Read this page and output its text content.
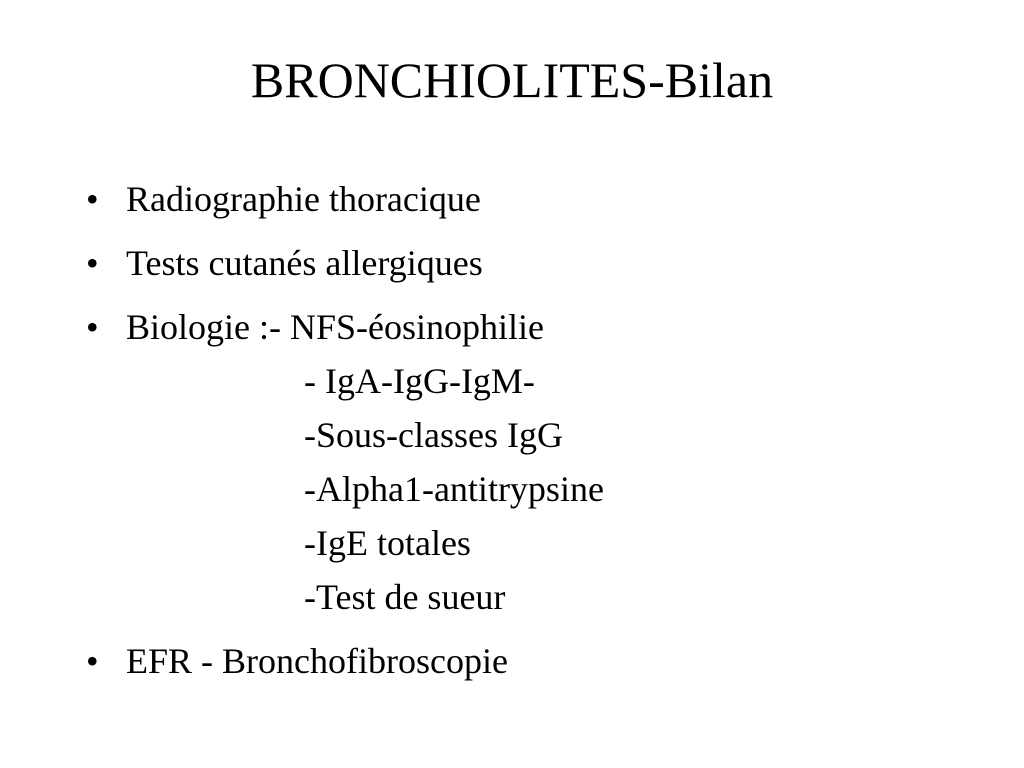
BRONCHIOLITES-Bilan
• Radiographie thoracique
• Tests cutanés allergiques
• Biologie :- NFS-éosinophilie
- IgA-IgG-IgM-
-Sous-classes IgG
-Alpha1-antitrypsine
-IgE totales
-Test de sueur
• EFR - Bronchofibroscopie
